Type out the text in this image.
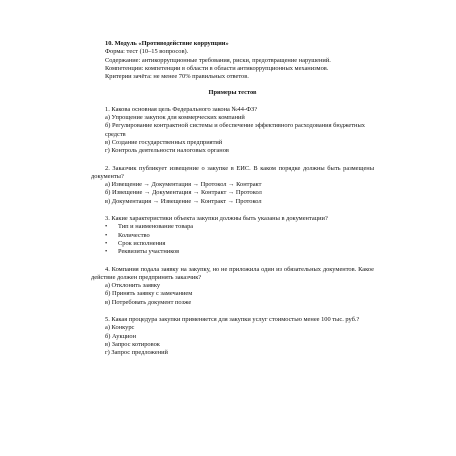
10. Модуль «Противодействие коррупции»
Форма: тест (10–15 вопросов).
Содержание: антикоррупционные требования, риски, предотвращение нарушений.
Компетенции: компетенции в области в области антикоррупционных механизмов.
Критерии зачёта: не менее 70% правильных ответов.
Примеры тестов
1. Какова основная цель Федерального закона №44-ФЗ?
а) Упрощение закупок для коммерческих компаний
б) Регулирование контрактной системы и обеспечение эффективного расходования бюджетных средств
в) Создание государственных предприятий
г) Контроль деятельности налоговых органов
2. Заказчик публикует извещение о закупке в ЕИС. В каком порядке должны быть размещены документы?
а) Извещение → Документация → Протокол → Контракт
б) Извещение → Документация → Контракт → Протокол
в) Документация → Извещение → Контракт → Протокол
3. Какие характеристики объекта закупки должны быть указаны в документации?
• Тип и наименование товара
• Количество
• Срок исполнения
• Реквизиты участников
4. Компания подала заявку на закупку, но не приложила один из обязательных документов. Какое действие должен предпринять заказчик?
а) Отклонить заявку
б) Принять заявку с замечанием
в) Потребовать документ позже
5. Какая процедура закупки применяется для закупки услуг стоимостью менее 100 тыс. руб.?
а) Конкурс
б) Аукцион
в) Запрос котировок
г) Запрос предложений
